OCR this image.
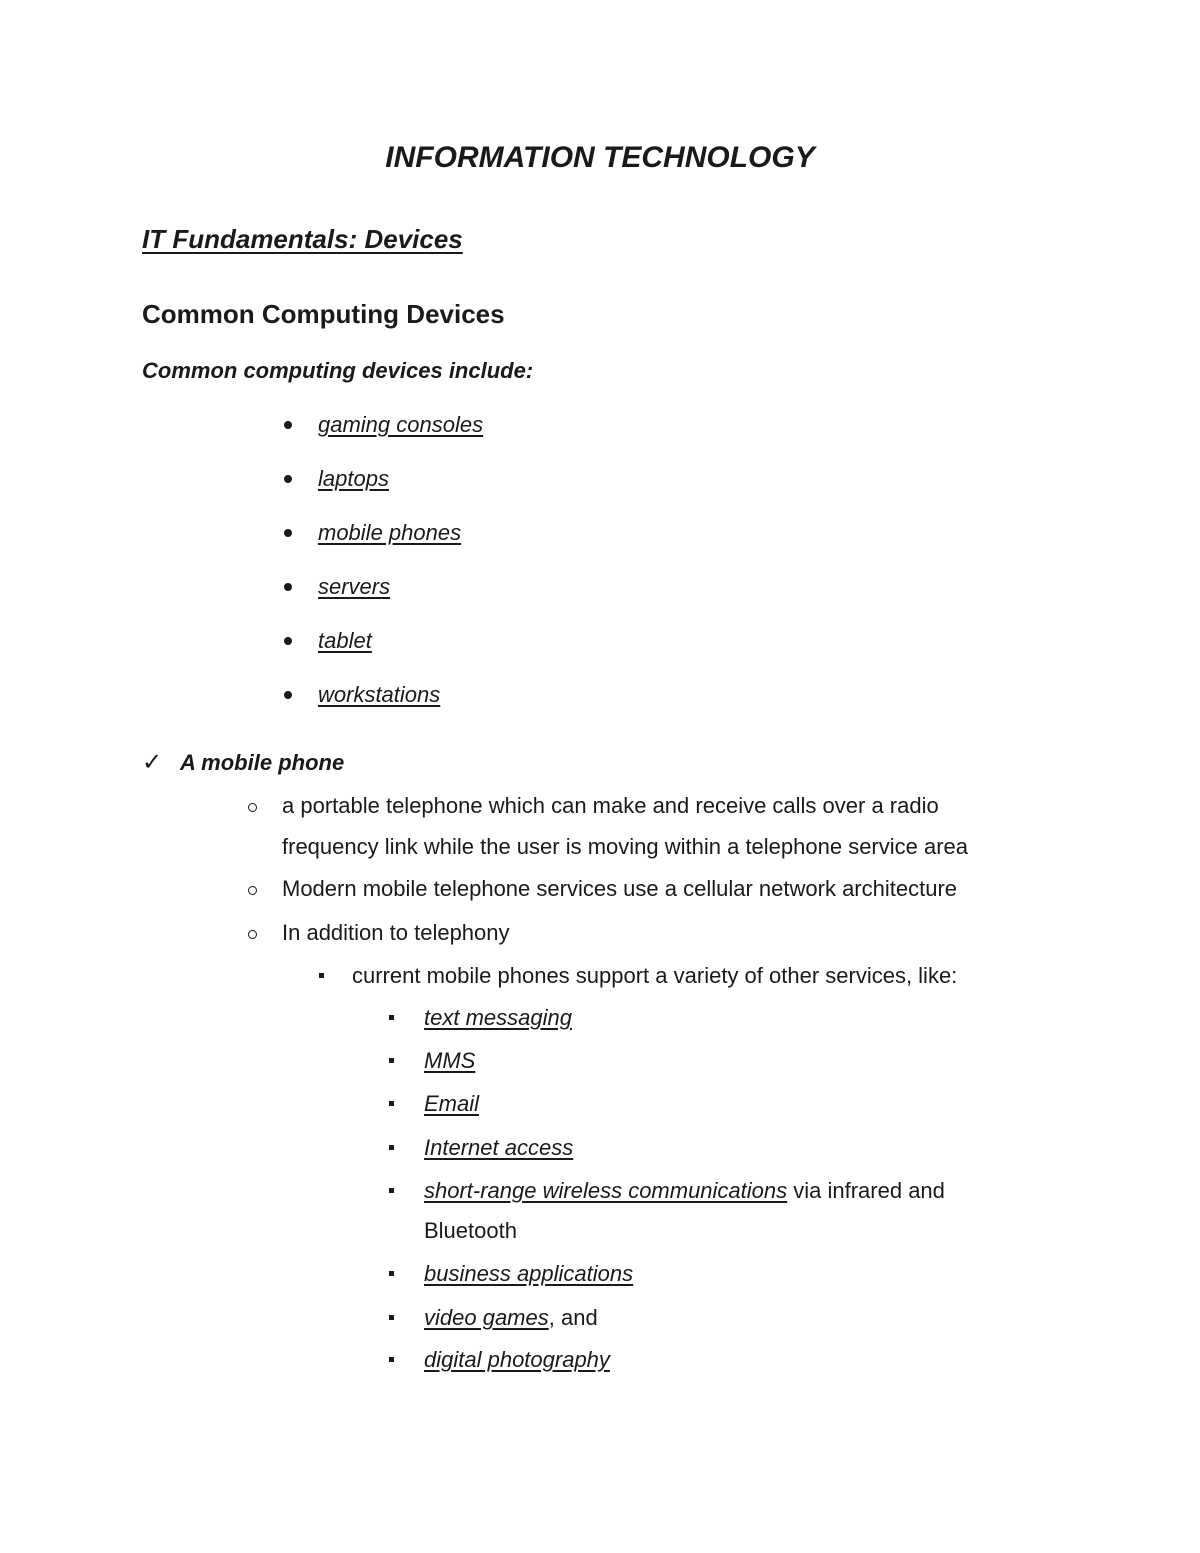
INFORMATION TECHNOLOGY
IT Fundamentals: Devices
Common Computing Devices
Common computing devices include:
gaming consoles
laptops
mobile phones
servers
tablet
workstations
✓ A mobile phone
a portable telephone which can make and receive calls over a radio
frequency link while the user is moving within a telephone service area
Modern mobile telephone services use a cellular network architecture
In addition to telephony
current mobile phones support a variety of other services, like:
text messaging
MMS
Email
Internet access
short-range wireless communications via infrared and
Bluetooth
business applications
video games, and
digital photography
